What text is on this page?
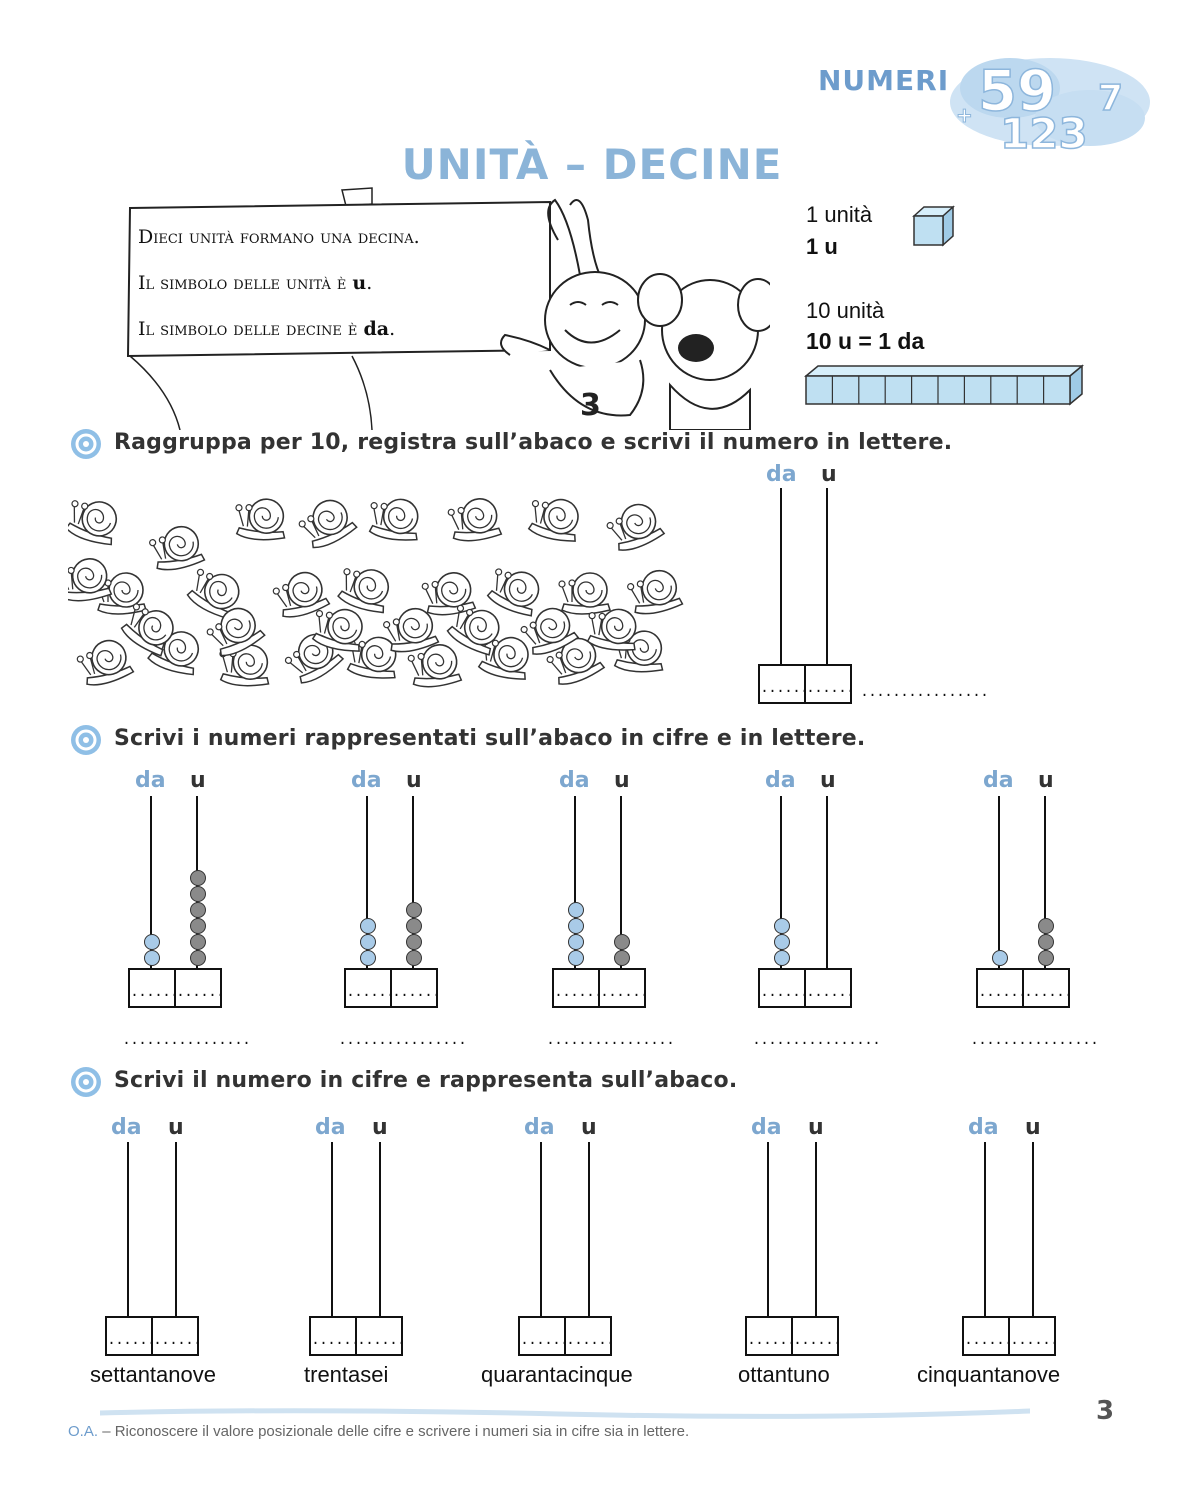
NUMERI 59
123
+	7
UNITÀ – DECINE
3
Dieci unità formano una decina.
Il simbolo delle unità è u.
Il simbolo delle decine è da.
1 unità
1 u
10 unità
10 u = 1 da
Raggruppa per 10, registra sull’abaco e scrivi il numero in lettere.
da u
......
...... ................
Scrivi i numeri rappresentati sull’abaco in cifre e in lettere.
da u
......
......
................
da u
......
......
................
da u
......
......
................
da u
......
......
................
da u
......
......
................
Scrivi il numero in cifre e rappresenta sull’abaco.
da u
......
......
settantanove
da u
......
......
trentasei
da u
......
......
quarantacinque
da u
......
......
ottantuno
da u
......
......
cinquantanove
3
O.A. – Riconoscere il valore posizionale delle cifre e scrivere i numeri sia in cifre sia in lettere.
